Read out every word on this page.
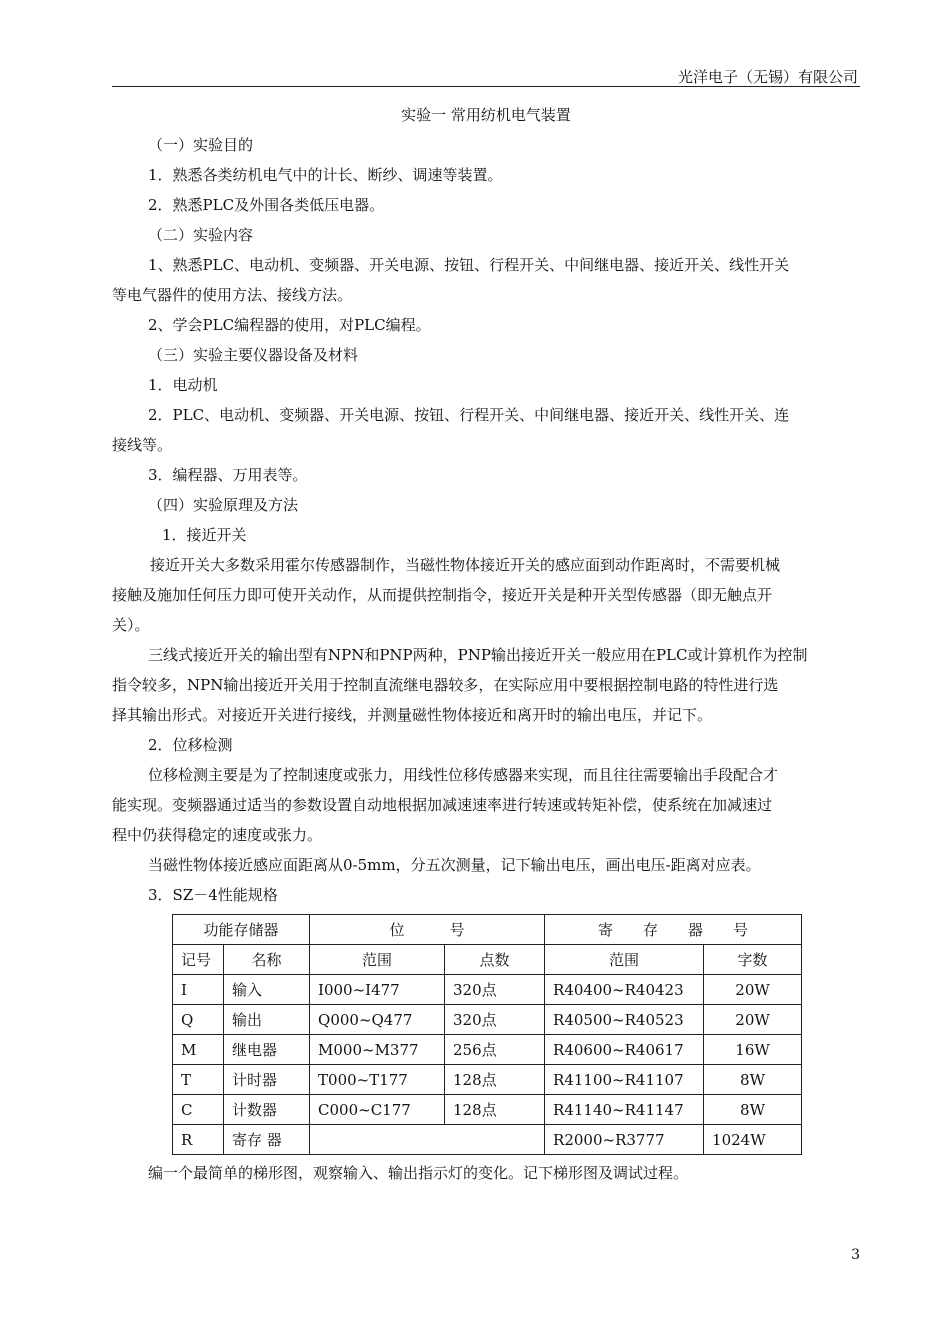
光洋电子（无锡）有限公司
实验一 常用纺机电气装置
（一）实验目的
1．熟悉各类纺机电气中的计长、断纱、调速等装置。
2．熟悉PLC及外围各类低压电器。
（二）实验内容
1、熟悉PLC、电动机、变频器、开关电源、按钮、行程开关、中间继电器、接近开关、线性开关
等电气器件的使用方法、接线方法。
2、学会PLC编程器的使用，对PLC编程。
（三）实验主要仪器设备及材料
1．电动机
2．PLC、电动机、变频器、开关电源、按钮、行程开关、中间继电器、接近开关、线性开关、连
接线等。
3．编程器、万用表等。
（四）实验原理及方法
1．接近开关
接近开关大多数采用霍尔传感器制作，当磁性物体接近开关的感应面到动作距离时，不需要机械
接触及施加任何压力即可使开关动作，从而提供控制指令，接近开关是种开关型传感器（即无触点开
关）。
三线式接近开关的输出型有NPN和PNP两种，PNP输出接近开关一般应用在PLC或计算机作为控制
指令较多，NPN输出接近开关用于控制直流继电器较多，在实际应用中要根据控制电路的特性进行选
择其输出形式。对接近开关进行接线，并测量磁性物体接近和离开时的输出电压，并记下。
2．位移检测
位移检测主要是为了控制速度或张力，用线性位移传感器来实现，而且往往需要输出手段配合才
能实现。变频器通过适当的参数设置自动地根据加减速速率进行转速或转矩补偿，使系统在加减速过
程中仍获得稳定的速度或张力。
当磁性物体接近感应面距离从0-5mm，分五次测量，记下输出电压，画出电压-距离对应表。
3．SZ－4性能规格
功能存储器		位　　　号		寄　　存　　器　　号	
记号	名称	范围	点数	范围	字数
I	输入	I000~I477	320点	R40400~R40423	20W
Q	输出	Q000~Q477	320点	R40500~R40523	20W
M	继电器	M000~M377	256点	R40600~R40617	16W
T	计时器	T000~T177	128点	R41100~R41107	8W
C	计数器	C000~C177	128点	R41140~R41147	8W
R	寄存 器			R2000~R3777	1024W
编一个最简单的梯形图，观察输入、输出指示灯的变化。记下梯形图及调试过程。
3
